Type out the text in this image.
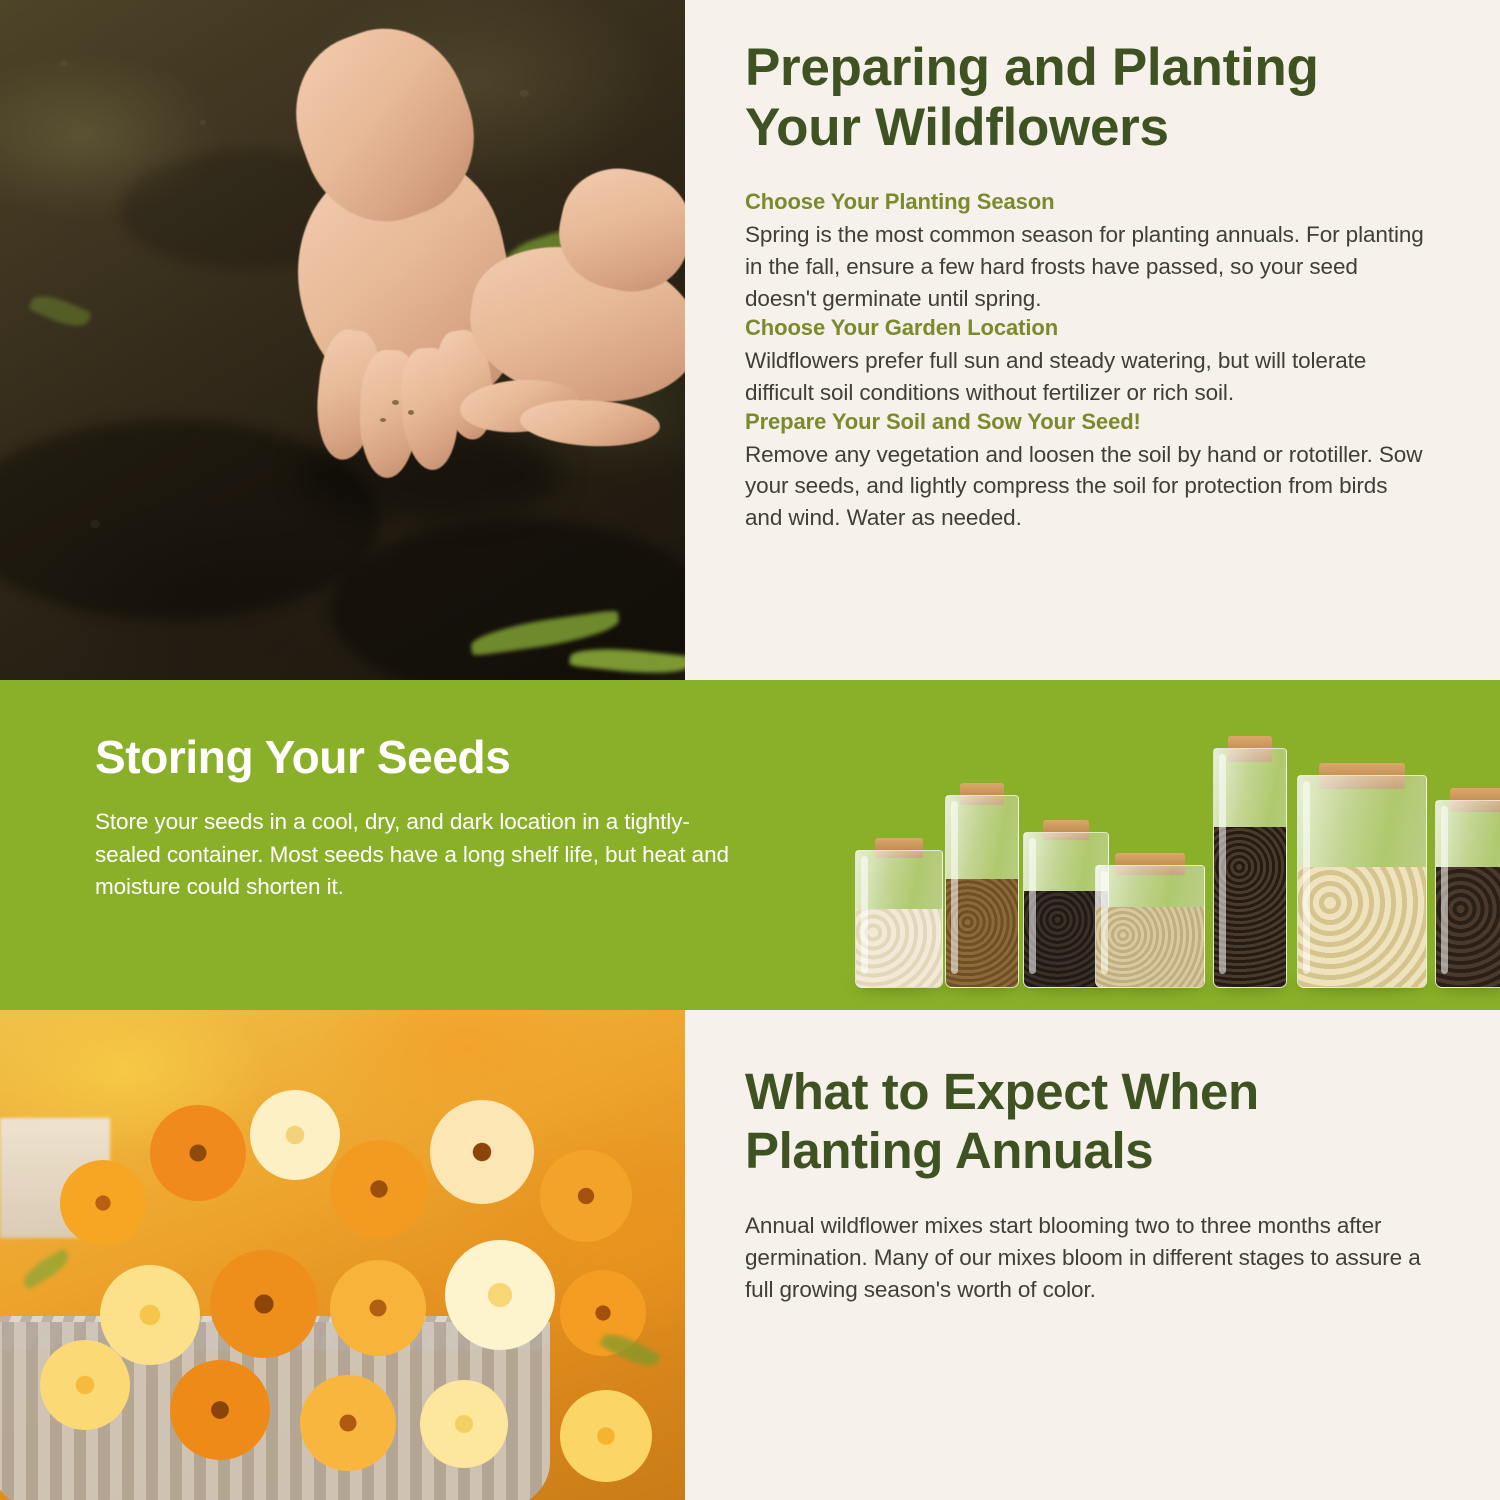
Preparing and Planting Your Wildflowers
Choose Your Planting Season

Spring is the most common season for planting annuals. For planting in the fall, ensure a few hard frosts have passed, so your seed doesn't germinate until spring.

Choose Your Garden Location

Wildflowers prefer full sun and steady watering, but will tolerate difficult soil conditions without fertilizer or rich soil.

Prepare Your Soil and Sow Your Seed!

Remove any vegetation and loosen the soil by hand or rototiller. Sow your seeds, and lightly compress the soil for protection from birds and wind. Water as needed.

Storing Your Seeds

Store your seeds in a cool, dry, and dark location in a tightly-sealed container. Most seeds have a long shelf life, but heat and moisture could shorten it.

What to Expect When Planting Annuals

Annual wildflower mixes start blooming two to three months after germination. Many of our mixes bloom in different stages to assure a full growing season's worth of color.
